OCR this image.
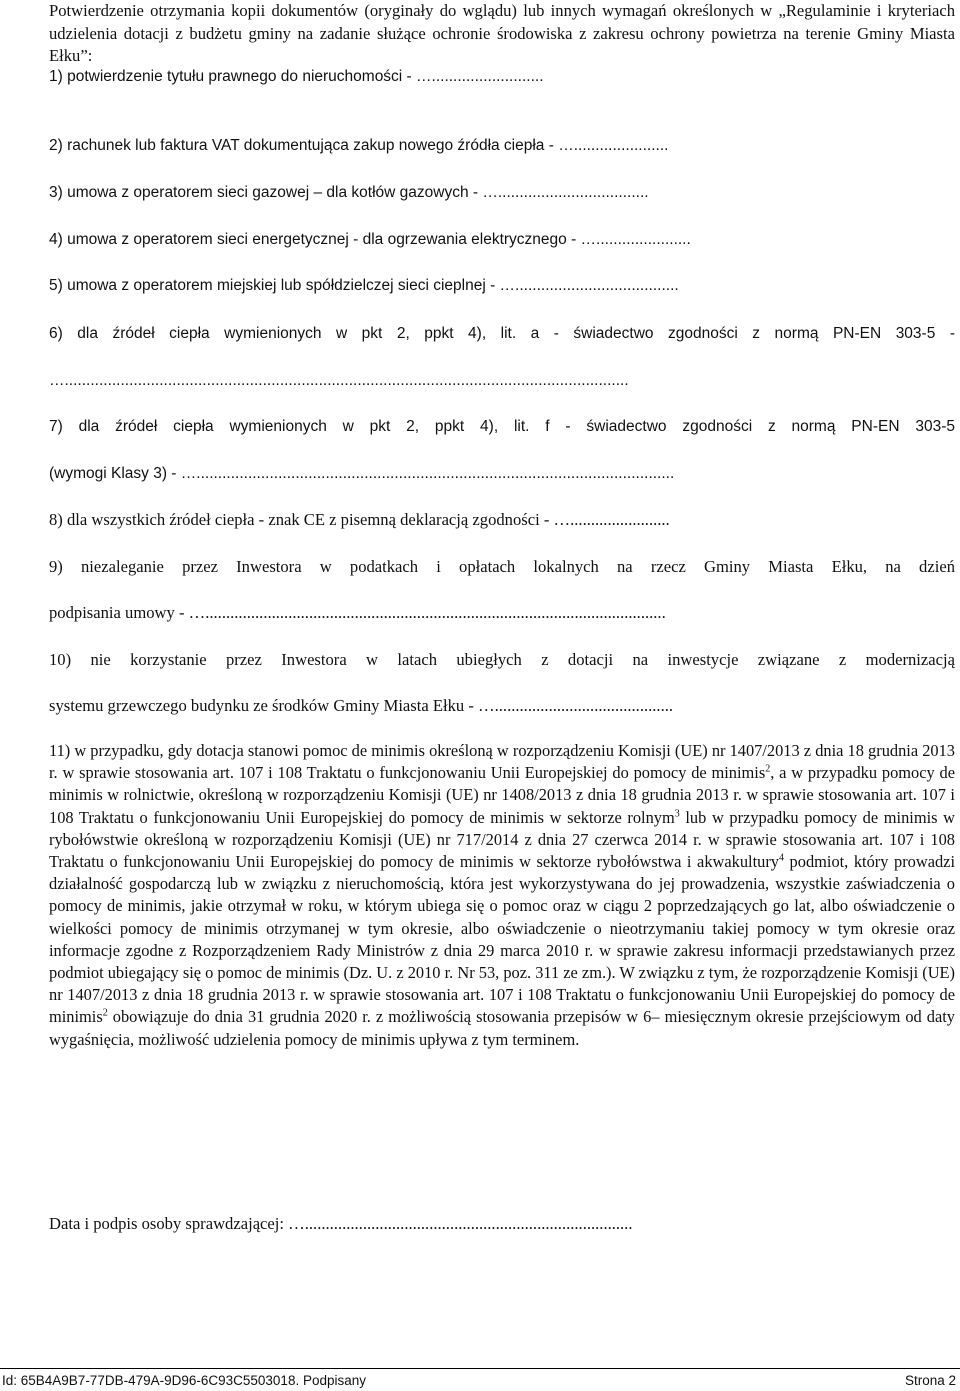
Potwierdzenie otrzymania kopii dokumentów (oryginały do wglądu) lub innych wymagań określonych w „Regulaminie i kryteriach udzielenia dotacji z budżetu gminy na zadanie służące ochronie środowiska z zakresu ochrony powietrza na terenie Gminy Miasta Ełku”:

1) potwierdzenie tytułu prawnego do nieruchomości - …..........................

2) rachunek lub faktura VAT dokumentująca zakup nowego źródła ciepła - …......................

3) umowa z operatorem sieci gazowej – dla kotłów gazowych - …...................................

4) umowa z operatorem sieci energetycznej - dla ogrzewania elektrycznego - …......................

5) umowa z operatorem miejskiej lub spółdzielczej sieci cieplnej - …......................................

6) dla źródeł ciepła wymienionych w pkt 2, ppkt 4), lit. a - świadectwo zgodności z normą PN-EN 303-5 -

…...................................................................................................................................

7) dla źródeł ciepła wymienionych w pkt 2, ppkt 4), lit. f - świadectwo zgodności z normą PN-EN 303-5

(wymogi Klasy 3) - …...............................................................................................................

8) dla wszystkich źródeł ciepła - znak CE z pisemną deklaracją zgodności - …........................

9) niezaleganie przez Inwestora w podatkach i opłatach lokalnych na rzecz Gminy Miasta Ełku, na dzień

podpisania umowy - …...............................................................................................................

10) nie korzystanie przez Inwestora w latach ubiegłych z dotacji na inwestycje związane z modernizacją

systemu grzewczego budynku ze środków Gminy Miasta Ełku - …...........................................

11) w przypadku, gdy dotacja stanowi pomoc de minimis określoną w rozporządzeniu Komisji (UE) nr 1407/2013 z dnia 18 grudnia 2013 r. w sprawie stosowania art. 107 i 108 Traktatu o funkcjonowaniu Unii Europejskiej do pomocy de minimis$^2$, a w przypadku pomocy de minimis w rolnictwie, określoną w rozporządzeniu Komisji (UE) nr 1408/2013 z dnia 18 grudnia 2013 r. w sprawie stosowania art. 107 i 108 Traktatu o funkcjonowaniu Unii Europejskiej do pomocy de minimis w sektorze rolnym$^3$ lub w przypadku pomocy de minimis w rybołówstwie określoną w rozporządzeniu Komisji (UE) nr 717/2014 z dnia 27 czerwca 2014 r. w sprawie stosowania art. 107 i 108 Traktatu o funkcjonowaniu Unii Europejskiej do pomocy de minimis w sektorze rybołówstwa i akwakultury$^4$ podmiot, który prowadzi działalność gospodarczą lub w związku z nieruchomością, która jest wykorzystywana do jej prowadzenia, wszystkie zaświadczenia o pomocy de minimis, jakie otrzymał w roku, w którym ubiega się o pomoc oraz w ciągu 2 poprzedzających go lat, albo oświadczenie o wielkości pomocy de minimis otrzymanej w tym okresie, albo oświadczenie o nieotrzymaniu takiej pomocy w tym okresie oraz informacje zgodne z Rozporządzeniem Rady Ministrów z dnia 29 marca 2010 r. w sprawie zakresu informacji przedstawianych przez podmiot ubiegający się o pomoc de minimis (Dz. U. z 2010 r. Nr 53, poz. 311 ze zm.). W związku z tym, że rozporządzenie Komisji (UE) nr 1407/2013 z dnia 18 grudnia 2013 r. w sprawie stosowania art. 107 i 108 Traktatu o funkcjonowaniu Unii Europejskiej do pomocy de minimis$^2$ obowiązuje do dnia 31 grudnia 2020 r. z możliwością stosowania przepisów w 6– miesięcznym okresie przejściowym od daty wygaśnięcia, możliwość udzielenia pomocy de minimis upływa z tym terminem.

Data i podpis osoby sprawdzającej: …...............................................................................

Id: 65B4A9B7-77DB-479A-9D96-6C93C5503018. Podpisany	Strona 2
